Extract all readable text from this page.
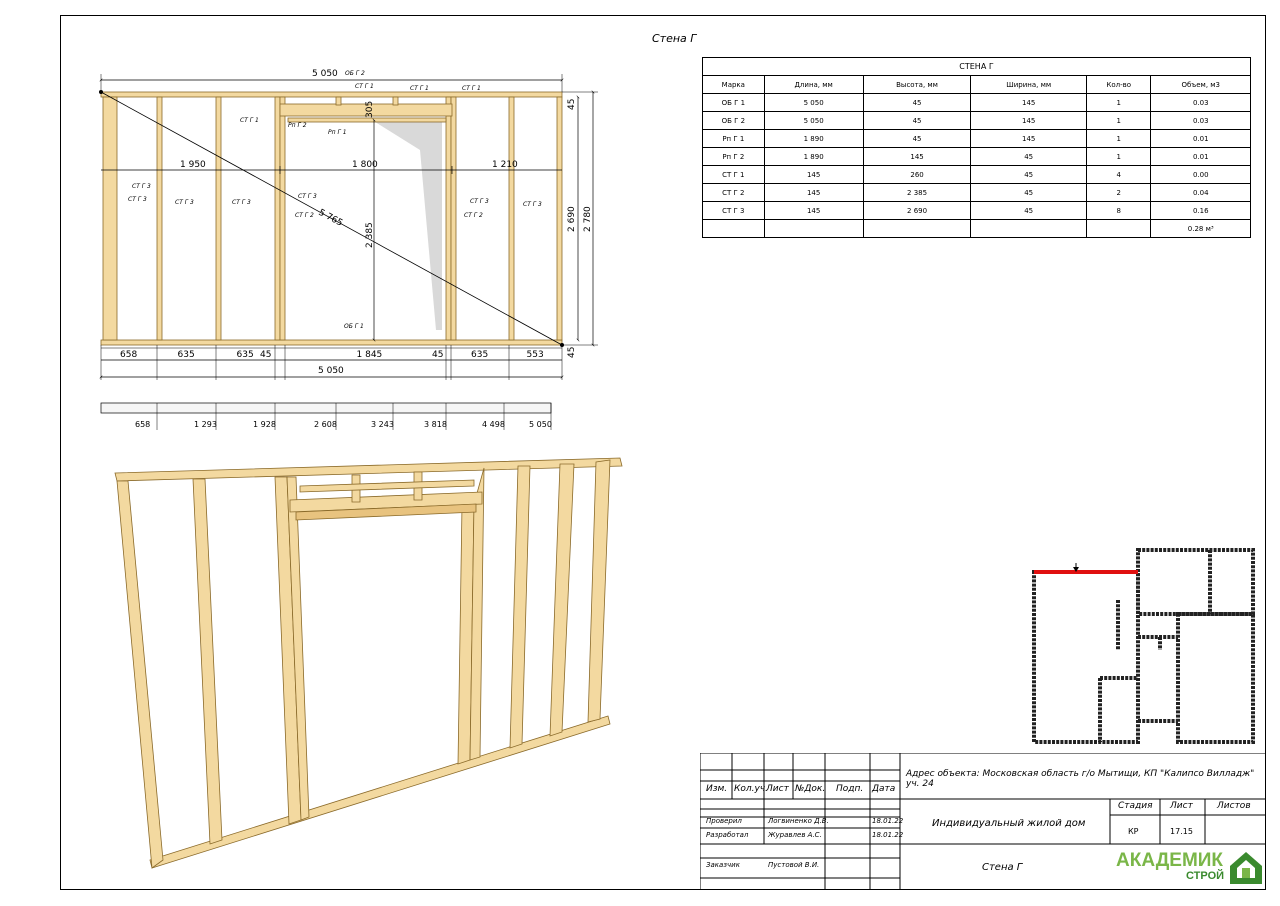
Стена Г
СТЕНА Г					
Марка	Длина, мм	Высота, мм	Ширина, мм	Кол-во	Объем, м3
ОБ Г 1	5 050	45	145	1	0.03
ОБ Г 2	5 050	45	145	1	0.03
Рп Г 1	1 890	45	145	1	0.01
Рп Г 2	1 890	145	45	1	0.01
СТ Г 1	145	260	45	4	0.00
СТ Г 2	145	2 385	45	2	0.04
СТ Г 3	145	2 690	45	8	0.16
					0.28 м³
5 050
1 950	1 800	1 210
5 765
2 385
305
2 690 2 780
45
45
658	635	635 45	1 845	45	635	553
5 050
ОБ Г 2
СТ Г 1	СТ Г 1	СТ Г 1
СТ Г 1
Рп Г 2
Рп Г 1
СТ Г 3
СТ Г 3	СТ Г 3	СТ Г 3
СТ Г 3
СТ Г 2
СТ Г 3
СТ Г 2
СТ Г 3
ОБ Г 1
658	1 293	1 928	2 608	3 243	3 818	4 498	5 050
Адрес объекта: Московская область г/о Мытищи, КП "Калипсо Вилладж" уч. 24
Изм. Кол.уч.
Лист №Док. Подп. Дата
Проверил	Логвиненко Д.В.	18.01.22
Разработал	Журавлев А.С.	18.01.22
Заказчик	Пустовой В.И.
Индивидуальный жилой дом
Стена Г
Стадия Лист	Листов
КР	17.15
АКАДЕМИК
СТРОЙ
